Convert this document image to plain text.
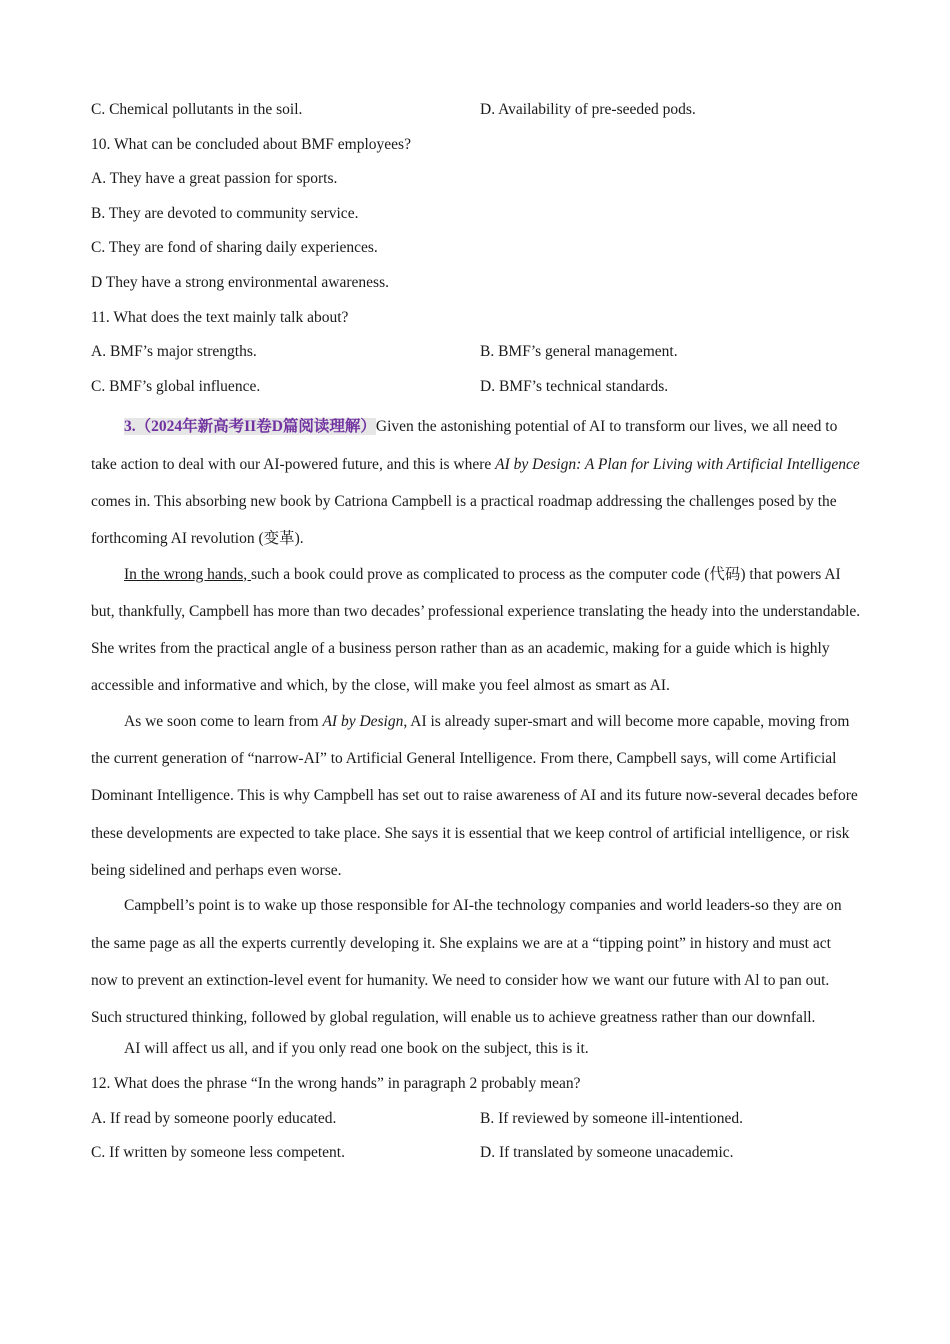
C. Chemical pollutants in the soil.	D. Availability of pre-seeded pods.
10. What can be concluded about BMF employees?
A. They have a great passion for sports.
B. They are devoted to community service.
C. They are fond of sharing daily experiences.
D They have a strong environmental awareness.
11. What does the text mainly talk about?
A. BMF’s major strengths.	B. BMF’s general management.
C. BMF’s global influence.	D. BMF’s technical standards.

3.（2024年新高考II卷D篇阅读理解）Given the astonishing potential of AI to transform our lives, we all need to take action to deal with our AI-powered future, and this is where AI by Design: A Plan for Living with Artificial Intelligence comes in. This absorbing new book by Catriona Campbell is a practical roadmap addressing the challenges posed by the forthcoming AI revolution (变革).

In the wrong hands, such a book could prove as complicated to process as the computer code (代码) that powers AI but, thankfully, Campbell has more than two decades’ professional experience translating the heady into the understandable. She writes from the practical angle of a business person rather than as an academic, making for a guide which is highly accessible and informative and which, by the close, will make you feel almost as smart as AI.

As we soon come to learn from AI by Design, AI is already super-smart and will become more capable, moving from the current generation of “narrow-AI” to Artificial General Intelligence. From there, Campbell says, will come Artificial Dominant Intelligence. This is why Campbell has set out to raise awareness of AI and its future now-several decades before these developments are expected to take place. She says it is essential that we keep control of artificial intelligence, or risk being sidelined and perhaps even worse.

Campbell’s point is to wake up those responsible for AI-the technology companies and world leaders-so they are on the same page as all the experts currently developing it. She explains we are at a “tipping point” in history and must act now to prevent an extinction-level event for humanity. We need to consider how we want our future with Al to pan out. Such structured thinking, followed by global regulation, will enable us to achieve greatness rather than our downfall.

AI will affect us all, and if you only read one book on the subject, this is it.
12. What does the phrase “In the wrong hands” in paragraph 2 probably mean?
A. If read by someone poorly educated.	B. If reviewed by someone ill-intentioned.
C. If written by someone less competent.	D. If translated by someone unacademic.
